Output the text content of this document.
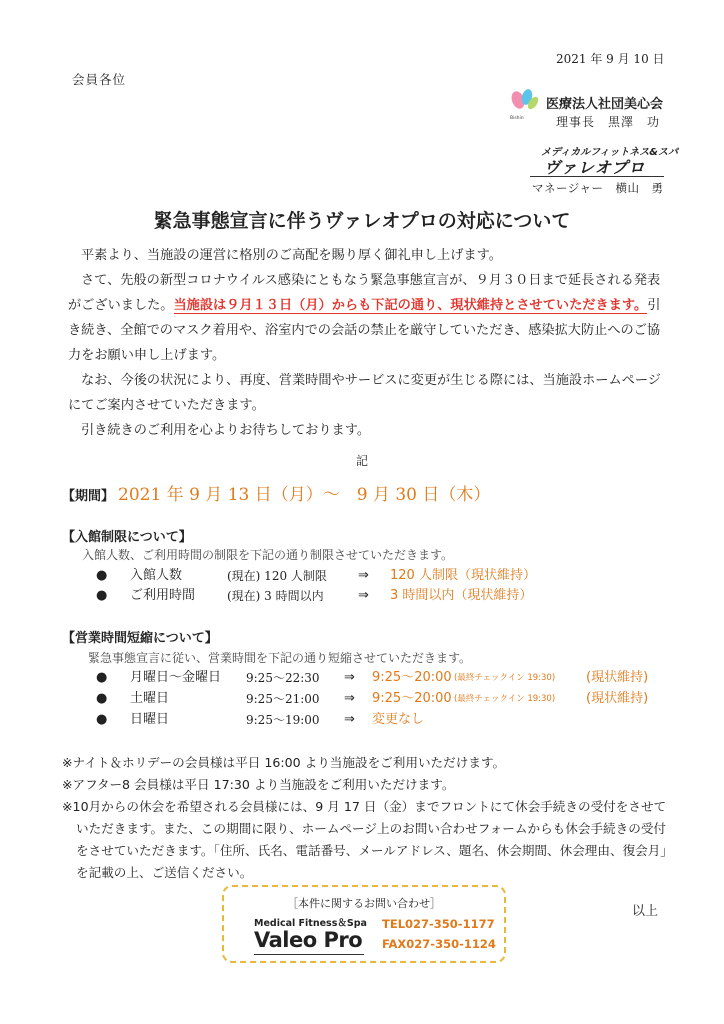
2021 年 9 月 10 日
会員各位
Bishin
医療法人社団美心会
理事長　黒澤　功
メディカルフィットネス&スパ
ヴァレオプロ
マネージャー　横山　勇
緊急事態宣言に伴うヴァレオプロの対応について

平素より、当施設の運営に格別のご高配を賜り厚く御礼申し上げます。

さて、先般の新型コロナウイルス感染にともなう緊急事態宣言が、９月３０日まで延長される発表がございました。当施設は９月１３日（月）からも下記の通り、現状維持とさせていただきます。引き続き、全館でのマスク着用や、浴室内での会話の禁止を厳守していただき、感染拡大防止へのご協力をお願い申し上げます。

なお、今後の状況により、再度、営業時間やサービスに変更が生じる際には、当施設ホームページにてご案内させていただきます。

引き続きのご利用を心よりお待ちしております。

記
【期間】 2021 年 9 月 13 日（月）〜　9 月 30 日（木）
【入館制限について】
入館人数、ご利用時間の制限を下記の通り制限させていただきます。
● 入館人数	(現在) 120 人制限 ⇒ 120 人制限（現状維持）
● ご利用時間	(現在) 3 時間以内	⇒ 3 時間以内（現状維持）
【営業時間短縮について】
緊急事態宣言に従い、営業時間を下記の通り短縮させていただきます。
● 月曜日〜金曜日 9:25〜22:30 ⇒ 9:25〜20:00 (最終チェックイン 19:30) (現状維持)
● 土曜日	9:25〜21:00 ⇒ 9:25〜20:00 (最終チェックイン 19:30) (現状維持)
● 日曜日	9:25〜19:00 ⇒ 変更なし

※ナイト＆ホリデーの会員様は平日 16:00 より当施設をご利用いただけます。

※アフター8 会員様は平日 17:30 より当施設をご利用いただけます。

※10月からの休会を希望される会員様には、9 月 17 日（金）までフロントにて休会手続きの受付をさせていただきます。また、この期間に限り、ホームページ上のお問い合わせフォームからも休会手続きの受付をさせていただきます。「住所、氏名、電話番号、メールアドレス、題名、休会期間、休会理由、復会月」を記載の上、ご送信ください。

［本件に関するお問い合わせ］
Medical Fitness＆Spa
Valeo Pro
TEL027-350-1177
FAX027-350-1124
以上
